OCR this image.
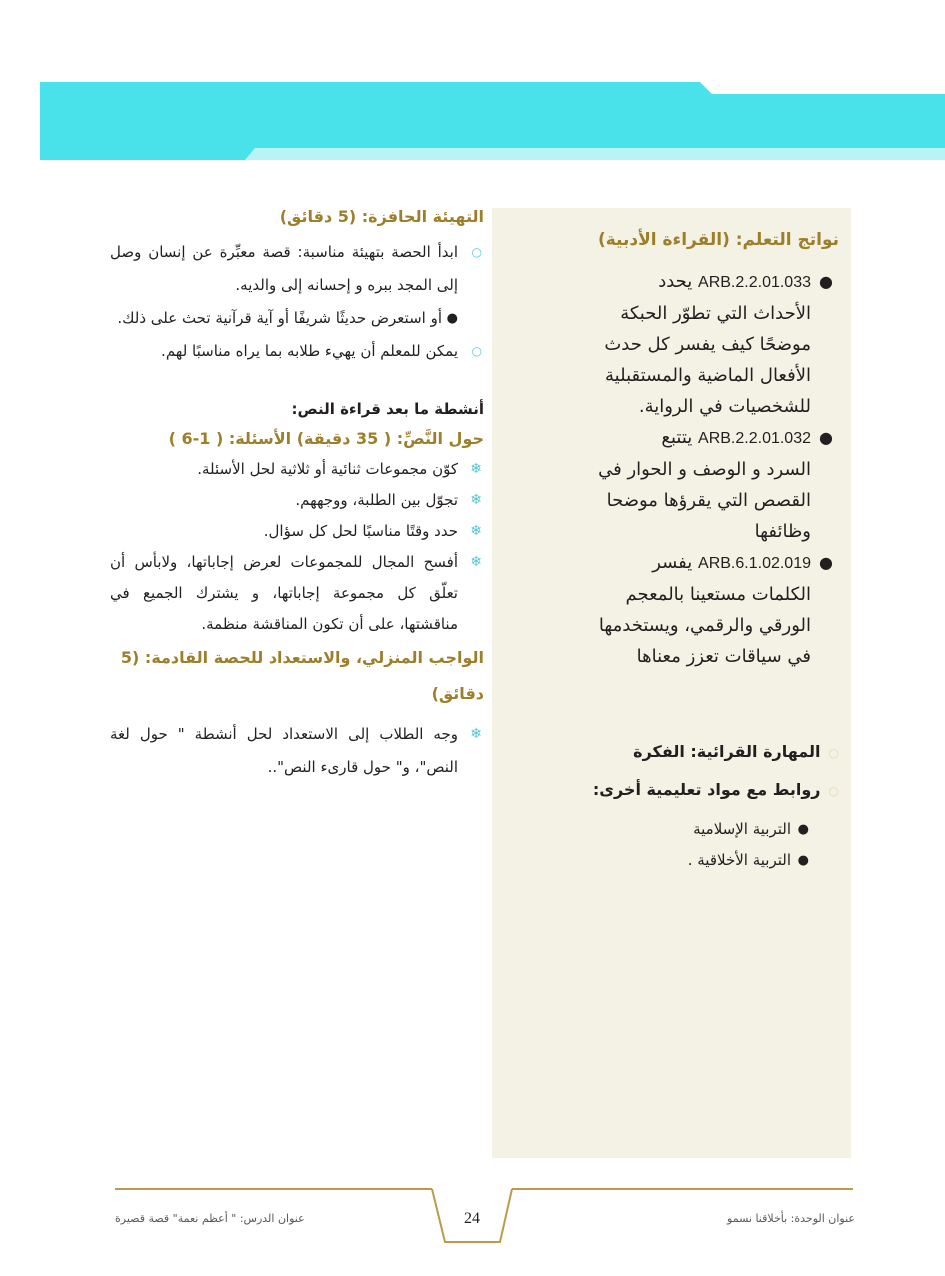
نواتج التعلم: (القراءة الأدبية)
●
ARB.2.2.01.033 يحدد
الأحداث التي تطوّر الحبكة
موضحًا كيف يفسر كل حدث
الأفعال الماضية والمستقبلية
للشخصيات في الرواية.
●
ARB.2.2.01.032 يتتبع
السرد و الوصف و الحوار في
القصص التي يقرؤها موضحا
وظائفها
●
ARB.6.1.02.019 يفسر
الكلمات مستعينا بالمعجم
الورقي والرقمي، ويستخدمها
في سياقات تعزز معناها
○المهارة القرائية: الفكرة
○روابط مع مواد تعليمية أخرى:
●
التربية الإسلامية
●
التربية الأخلاقية .
التهيئة الحافزة: (5 دقائق)
○
ابدأ الحصة بتهيئة مناسبة: قصة معبِّرة عن إنسان وصل إلى المجد ببره و إحسانه إلى والديه.
●
أو استعرض حديثًا شريفًا أو آية قرآنية تحث على ذلك.
○
يمكن للمعلم أن يهيء طلابه بما يراه مناسبًا لهم.
أنشطة ما بعد قراءة النص:
حول النَّصِّ: ( 35 دقيقة) الأسئلة: ( 1-6 )
❄
كوّن مجموعات ثنائية أو ثلاثية لحل الأسئلة.
❄
تجوّل بين الطلبة، ووجههم.
❄
حدد وقتًا مناسبًا لحل كل سؤال.
❄
أفسح المجال للمجموعات لعرض إجاباتها، ولابأس أن تعلّق كل مجموعة إجاباتها، و يشترك الجميع في مناقشتها، على أن تكون المناقشة منظمة.
الواجب المنزلي، والاستعداد للحصة القادمة: (5 دقائق)
❄
وجه الطلاب إلى الاستعداد لحل أنشطة " حول لغة النص"، و" حول قارىء النص"..
عنوان الوحدة: بأخلاقنا نسمو
24
عنوان الدرس: " أعظم نعمة" قصة قصيرة
